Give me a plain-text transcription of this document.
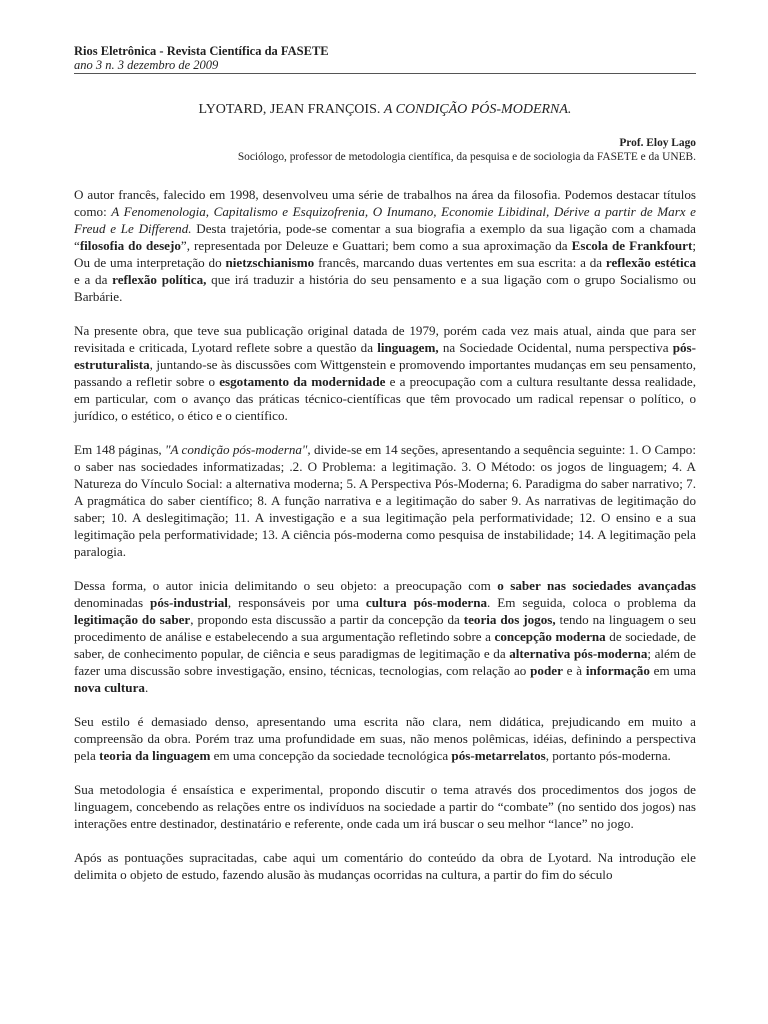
Rios Eletrônica - Revista Científica da FASETE
ano 3 n. 3 dezembro de 2009
LYOTARD, JEAN FRANÇOIS. A CONDIÇÃO PÓS-MODERNA.
Prof. Eloy Lago
Sociólogo, professor de metodologia científica, da pesquisa e de sociologia da FASETE e da UNEB.

O autor francês, falecido em 1998, desenvolveu uma série de trabalhos na área da filosofia. Podemos destacar títulos como: A Fenomenologia, Capitalismo e Esquizofrenia, O Inumano, Economie Libidinal, Dérive a partir de Marx e Freud e Le Differend. Desta trajetória, pode-se comentar a sua biografia a exemplo da sua ligação com a chamada “filosofia do desejo”, representada por Deleuze e Guattari; bem como a sua aproximação da Escola de Frankfourt; Ou de uma interpretação do nietzschianismo francês, marcando duas vertentes em sua escrita: a da reflexão estética e a da reflexão política, que irá traduzir a história do seu pensamento e a sua ligação com o grupo Socialismo ou Barbárie.

Na presente obra, que teve sua publicação original datada de 1979, porém cada vez mais atual, ainda que para ser revisitada e criticada, Lyotard reflete sobre a questão da linguagem, na Sociedade Ocidental, numa perspectiva pós-estruturalista, juntando-se às discussões com Wittgenstein e promovendo importantes mudanças em seu pensamento, passando a refletir sobre o esgotamento da modernidade e a preocupação com a cultura resultante dessa realidade, em particular, com o avanço das práticas técnico-científicas que têm provocado um radical repensar o político, o jurídico, o estético, o ético e o científico.

Em 148 páginas, "A condição pós-moderna", divide-se em 14 seções, apresentando a sequência seguinte: 1. O Campo: o saber nas sociedades informatizadas; .2. O Problema: a legitimação. 3. O Método: os jogos de linguagem; 4. A Natureza do Vínculo Social: a alternativa moderna; 5. A Perspectiva Pós-Moderna; 6. Paradigma do saber narrativo; 7. A pragmática do saber científico; 8. A função narrativa e a legitimação do saber 9. As narrativas de legitimação do saber; 10. A deslegitimação; 11. A investigação e a sua legitimação pela performatividade; 12. O ensino e a sua legitimação pela performatividade; 13. A ciência pós-moderna como pesquisa de instabilidade; 14. A legitimação pela paralogia.

Dessa forma, o autor inicia delimitando o seu objeto: a preocupação com o saber nas sociedades avançadas denominadas pós-industrial, responsáveis por uma cultura pós-moderna. Em seguida, coloca o problema da legitimação do saber, propondo esta discussão a partir da concepção da teoria dos jogos, tendo na linguagem o seu procedimento de análise e estabelecendo a sua argumentação refletindo sobre a concepção moderna de sociedade, de saber, de conhecimento popular, de ciência e seus paradigmas de legitimação e da alternativa pós-moderna; além de fazer uma discussão sobre investigação, ensino, técnicas, tecnologias, com relação ao poder e à informação em uma nova cultura.

Seu estilo é demasiado denso, apresentando uma escrita não clara, nem didática, prejudicando em muito a compreensão da obra. Porém traz uma profundidade em suas, não menos polêmicas, idéias, definindo a perspectiva pela teoria da linguagem em uma concepção da sociedade tecnológica pós-metarrelatos, portanto pós-moderna.

Sua metodologia é ensaística e experimental, propondo discutir o tema através dos procedimentos dos jogos de linguagem, concebendo as relações entre os indivíduos na sociedade a partir do “combate” (no sentido dos jogos) nas interações entre destinador, destinatário e referente, onde cada um irá buscar o seu melhor “lance” no jogo.

Após as pontuações supracitadas, cabe aqui um comentário do conteúdo da obra de Lyotard. Na introdução ele delimita o objeto de estudo, fazendo alusão às mudanças ocorridas na cultura, a partir do fim do século
